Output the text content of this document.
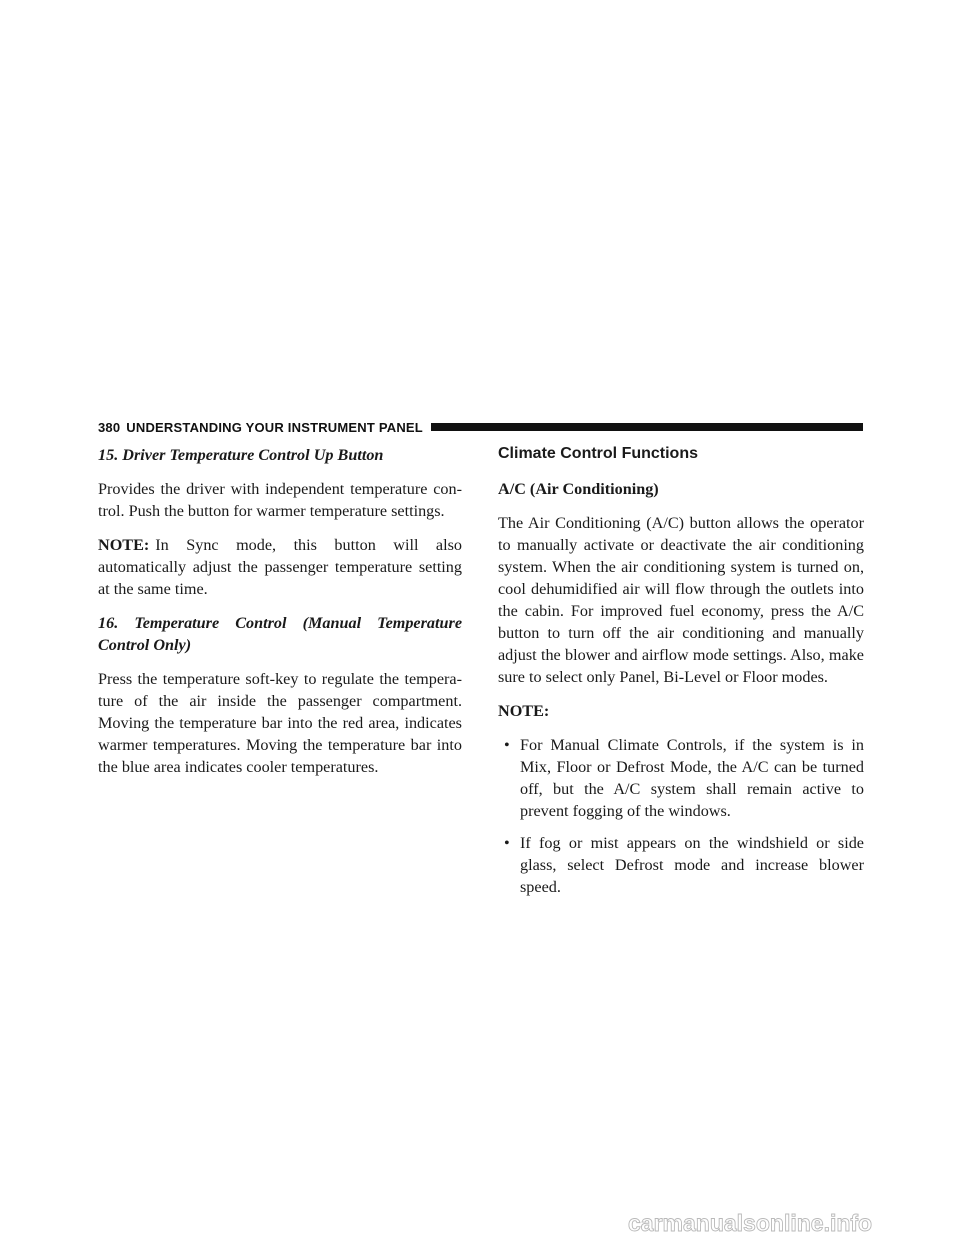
380 UNDERSTANDING YOUR INSTRUMENT PANEL

15. Driver Temperature Control Up Button

Provides the driver with independent temperature con-trol. Push the button for warmer temperature settings.

NOTE: In Sync mode, this button will also automatically adjust the passenger temperature setting at the same time.

16. Temperature Control (Manual Temperature Control Only)

Press the temperature soft-key to regulate the tempera-ture of the air inside the passenger compartment. Moving the temperature bar into the red area, indicates warmer temperatures. Moving the temperature bar into the blue area indicates cooler temperatures.

Climate Control Functions

A/C (Air Conditioning)

The Air Conditioning (A/C) button allows the operator to manually activate or deactivate the air conditioning system. When the air conditioning system is turned on, cool dehumidified air will flow through the outlets into the cabin. For improved fuel economy, press the A/C button to turn off the air conditioning and manually adjust the blower and airflow mode settings. Also, make sure to select only Panel, Bi-Level or Floor modes.

NOTE:

• For Manual Climate Controls, if the system is in Mix, Floor or Defrost Mode, the A/C can be turned off, but the A/C system shall remain active to prevent fogging of the windows.
• If fog or mist appears on the windshield or side glass, select Defrost mode and increase blower speed.
carmanualsonline.info
